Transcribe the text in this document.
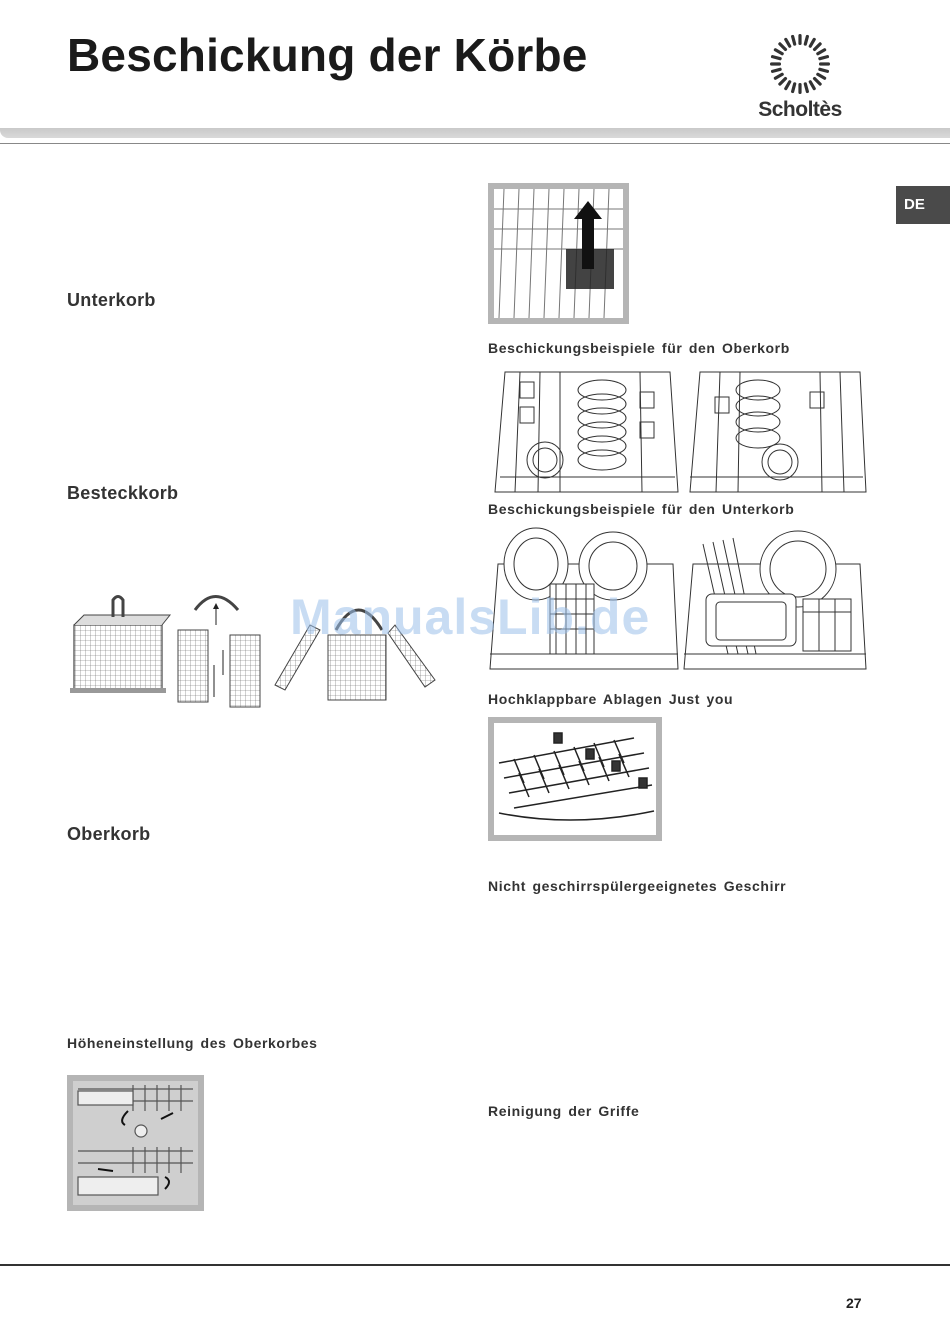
Beschickung der Körbe
Scholtès
DE
Unterkorb
Besteckkorb
Oberkorb
Höheneinstellung des Oberkorbes
Beschickungsbeispiele für den Oberkorb
Beschickungsbeispiele für den Unterkorb
Hochklappbare Ablagen Just you
Nicht geschirrspülergeeignetes Geschirr
Reinigung der Griffe
ManualsLib.de
27
